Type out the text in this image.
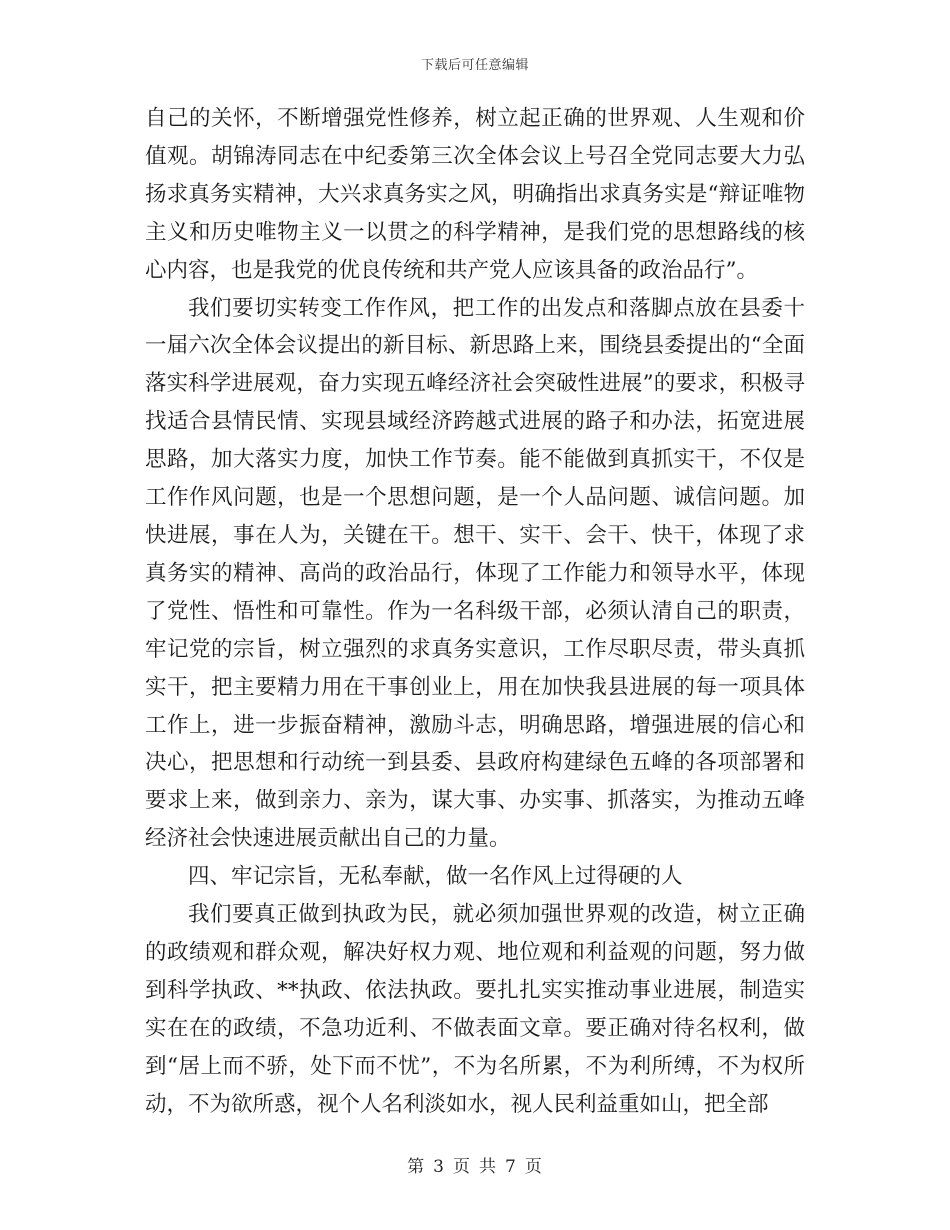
下载后可任意编辑

自己的关怀，不断增强党性修养，树立起正确的世界观、人生观和价值观。胡锦涛同志在中纪委第三次全体会议上号召全党同志要大力弘扬求真务实精神，大兴求真务实之风，明确指出求真务实是“辩证唯物主义和历史唯物主义一以贯之的科学精神，是我们党的思想路线的核心内容，也是我党的优良传统和共产党人应该具备的政治品行”。

我们要切实转变工作作风，把工作的出发点和落脚点放在县委十一届六次全体会议提出的新目标、新思路上来，围绕县委提出的“全面落实科学进展观，奋力实现五峰经济社会突破性进展”的要求，积极寻找适合县情民情、实现县域经济跨越式进展的路子和办法，拓宽进展思路，加大落实力度，加快工作节奏。能不能做到真抓实干，不仅是工作作风问题，也是一个思想问题，是一个人品问题、诚信问题。加快进展，事在人为，关键在干。想干、实干、会干、快干，体现了求真务实的精神、高尚的政治品行，体现了工作能力和领导水平，体现了党性、悟性和可靠性。作为一名科级干部，必须认清自己的职责，牢记党的宗旨，树立强烈的求真务实意识，工作尽职尽责，带头真抓实干，把主要精力用在干事创业上，用在加快我县进展的每一项具体工作上，进一步振奋精神，激励斗志，明确思路，增强进展的信心和决心，把思想和行动统一到县委、县政府构建绿色五峰的各项部署和要求上来，做到亲力、亲为，谋大事、办实事、抓落实，为推动五峰经济社会快速进展贡献出自己的力量。

四、牢记宗旨，无私奉献，做一名作风上过得硬的人

我们要真正做到执政为民，就必须加强世界观的改造，树立正确的政绩观和群众观，解决好权力观、地位观和利益观的问题，努力做到科学执政、**执政、依法执政。要扎扎实实推动事业进展，制造实实在在的政绩，不急功近利、不做表面文章。要正确对待名权利，做到“居上而不骄，处下而不忧”，不为名所累，不为利所缚，不为权所动，不为欲所惑，视个人名利淡如水，视人民利益重如山，把全部

第 3 页 共 7 页
